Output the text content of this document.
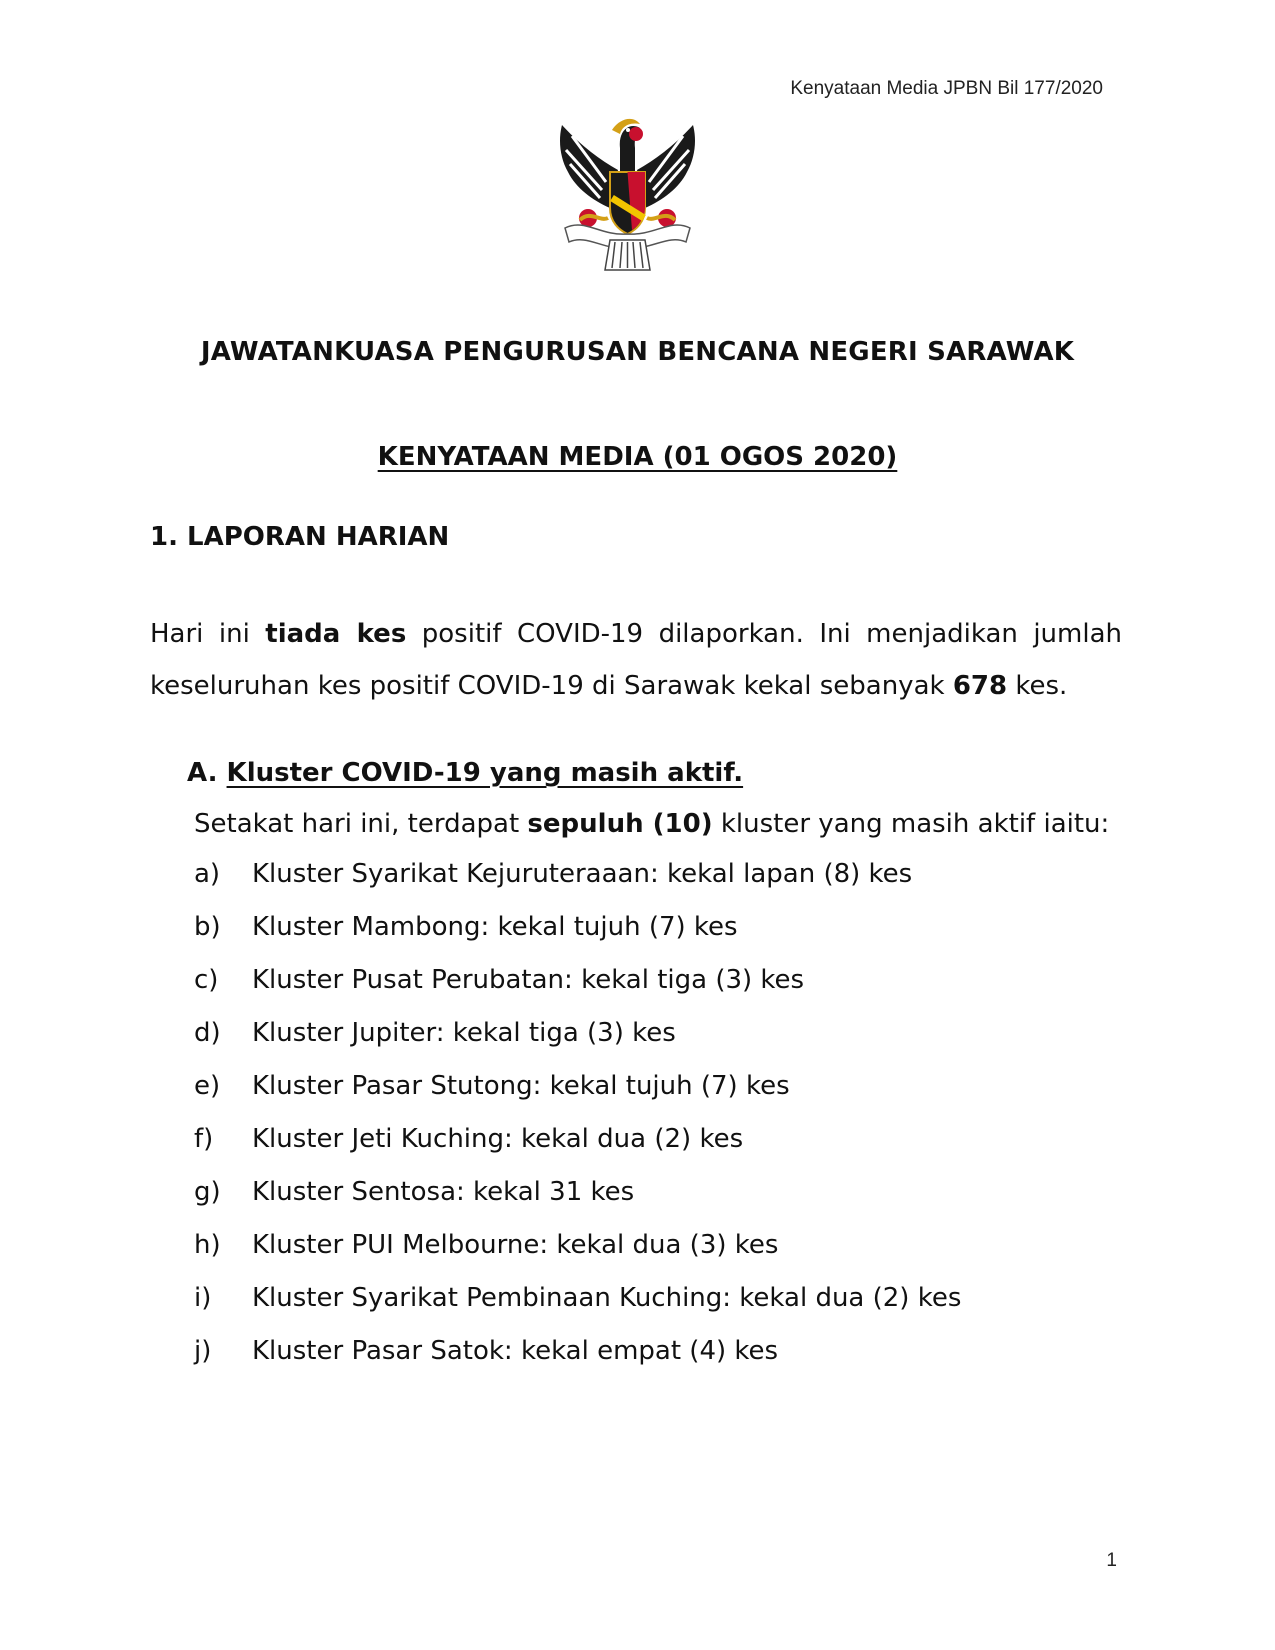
Kenyataan Media JPBN Bil 177/2020
JAWATANKUASA PENGURUSAN BENCANA NEGERI SARAWAK
KENYATAAN MEDIA (01 OGOS 2020)
1. LAPORAN HARIAN

Hari ini tiada kes positif COVID-19 dilaporkan. Ini menjadikan jumlah keseluruhan kes positif COVID-19 di Sarawak kekal sebanyak 678 kes.

A. Kluster COVID-19 yang masih aktif.
Setakat hari ini, terdapat sepuluh (10) kluster yang masih aktif iaitu:
a) Kluster Syarikat Kejuruteraaan: kekal lapan (8) kes
b) Kluster Mambong: kekal tujuh (7) kes
c) Kluster Pusat Perubatan: kekal tiga (3) kes
d) Kluster Jupiter: kekal tiga (3) kes
e) Kluster Pasar Stutong: kekal tujuh (7) kes
f) Kluster Jeti Kuching: kekal dua (2) kes
g) Kluster Sentosa: kekal 31 kes
h) Kluster PUI Melbourne: kekal dua (3) kes
i) Kluster Syarikat Pembinaan Kuching: kekal dua (2) kes
j) Kluster Pasar Satok: kekal empat (4) kes
1
